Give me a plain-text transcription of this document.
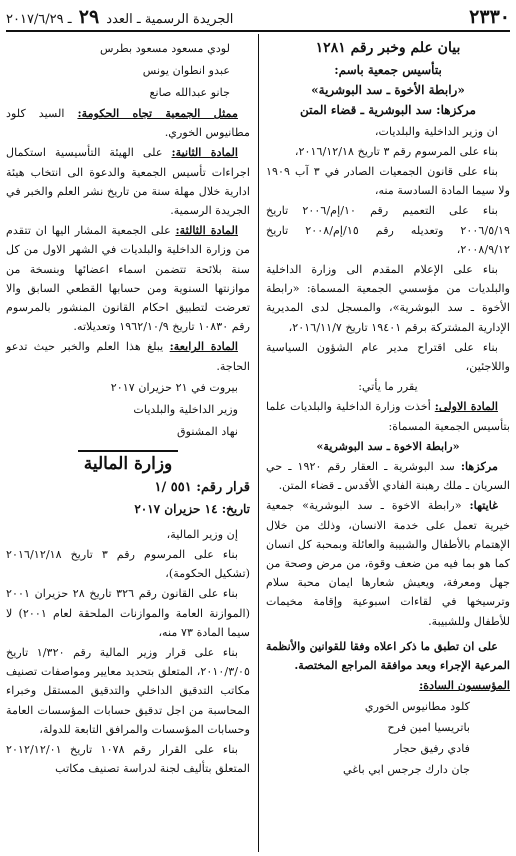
٢٣٣٠
الجريدة الرسمية ـ العدد ٢٩ ـ ٢٠١٧/٦/٢٩

بيان علم وخبر رقم ١٢٨١

بتأسيس جمعية باسم:

«رابطة الأخوة ـ سد البوشرية»

مركزها: سد البوشرية ـ قضاء المتن

ان وزير الداخلية والبلديات،

بناء على المرسوم رقم ٣ تاريخ ٢٠١٦/١٢/١٨،

بناء على قانون الجمعيات الصادر في ٣ آب ١٩٠٩ ولا سيما المادة السادسة منه،

بناء على التعميم رقم ١٠/إم/٢٠٠٦ تاريخ ٢٠٠٦/٥/١٩ وتعديله رقم ١٥/إم/٢٠٠٨ تاريخ ٢٠٠٨/٩/١٢،

بناء على الإعلام المقدم الى وزارة الداخلية والبلديات من مؤسسي الجمعية المسماة: «رابطة الأخوة ـ سد البوشرية»، والمسجل لدى المديرية الإدارية المشتركة برقم ١٩٤٠١ تاريخ ٢٠١٦/١١/٧،

بناء على اقتراح مدير عام الشؤون السياسية واللاجئين،

يقرر ما يأتي:

المادة الاولى: أخذت وزارة الداخلية والبلديات علما بتأسيس الجمعية المسماة:

«رابطة الاخوة ـ سد البوشرية»

مركزها: سد البوشرية ـ العقار رقم ١٩٢٠ ـ حي السريان ـ ملك رهبنة الفادي الأقدس ـ قضاء المتن.

غايتها: «رابطة الاخوة ـ سد البوشرية» جمعية خيرية تعمل على خدمة الانسان، وذلك من خلال الإهتمام بالأطفال والشبيبة والعائلة وبمحبة كل انسان كما هو بما فيه من ضعف وقوة، من مرض وصحة من جهل ومعرفة، ويعيش شعارها ايمان محبة سلام وترسيخها في لقاءات اسبوعية وإقامة مخيمات للأطفال وللشبيبة.

على ان تطبق ما ذكر اعلاه وفقا للقوانين والأنظمة المرعية الإجراء وبعد موافقة المراجع المختصة.

المؤسسون السادة:

كلود مطانيوس الخوري

باتريسيا امين فرح

فادي رفيق حجار

جان دارك جرجس ابي باغي

لودي مسعود مسعود بطرس

عبدو انطوان يونس

جانو عبدالله صانع

ممثل الجمعية تجاه الحكومة: السيد كلود مطانيوس الخوري.

المادة الثانية: على الهيئة التأسيسية استكمال اجراءات تأسيس الجمعية والدعوة الى انتخاب هيئة ادارية خلال مهلة سنة من تاريخ نشر العلم والخبر في الجريدة الرسمية.

المادة الثالثة: على الجمعية المشار اليها ان تتقدم من وزارة الداخلية والبلديات في الشهر الاول من كل سنة بلائحة تتضمن اسماء اعضائها وبنسخة من موازنتها السنوية ومن حسابها القطعي السابق والا تعرضت لتطبيق احكام القانون المنشور بالمرسوم رقم ١٠٨٣٠ تاريخ ١٩٦٢/١٠/٩ وتعديلاته.

المادة الرابعة: يبلغ هذا العلم والخبر حيث تدعو الحاجة.

بيروت في ٢١ حزيران ٢٠١٧

وزير الداخلية والبلديات

نهاد المشنوق

وزارة المالية

قرار رقم: ٥٥١ /١

تاريخ: ١٤ حزيران ٢٠١٧

إن وزير المالية،

بناء على المرسوم رقم ٣ تاريخ ٢٠١٦/١٢/١٨ (تشكيل الحكومة)،

بناء على القانون رقم ٣٢٦ تاريخ ٢٨ حزيران ٢٠٠١ (الموازنة العامة والموازنات الملحقة لعام ٢٠٠١) لا سيما المادة ٧٣ منه،

بناء على قرار وزير المالية رقم ١/٣٢٠ تاريخ ٢٠١٠/٣/٠٥، المتعلق بتحديد معايير ومواصفات تصنيف مكاتب التدقيق الداخلي والتدقيق المستقل وخبراء المحاسبة من اجل تدقيق حسابات المؤسسات العامة وحسابات المؤسسات والمرافق التابعة للدولة،

بناء على القرار رقم ١٠٧٨ تاريخ ٢٠١٢/١٢/٠١ المتعلق بتأليف لجنة لدراسة تصنيف مكاتب
